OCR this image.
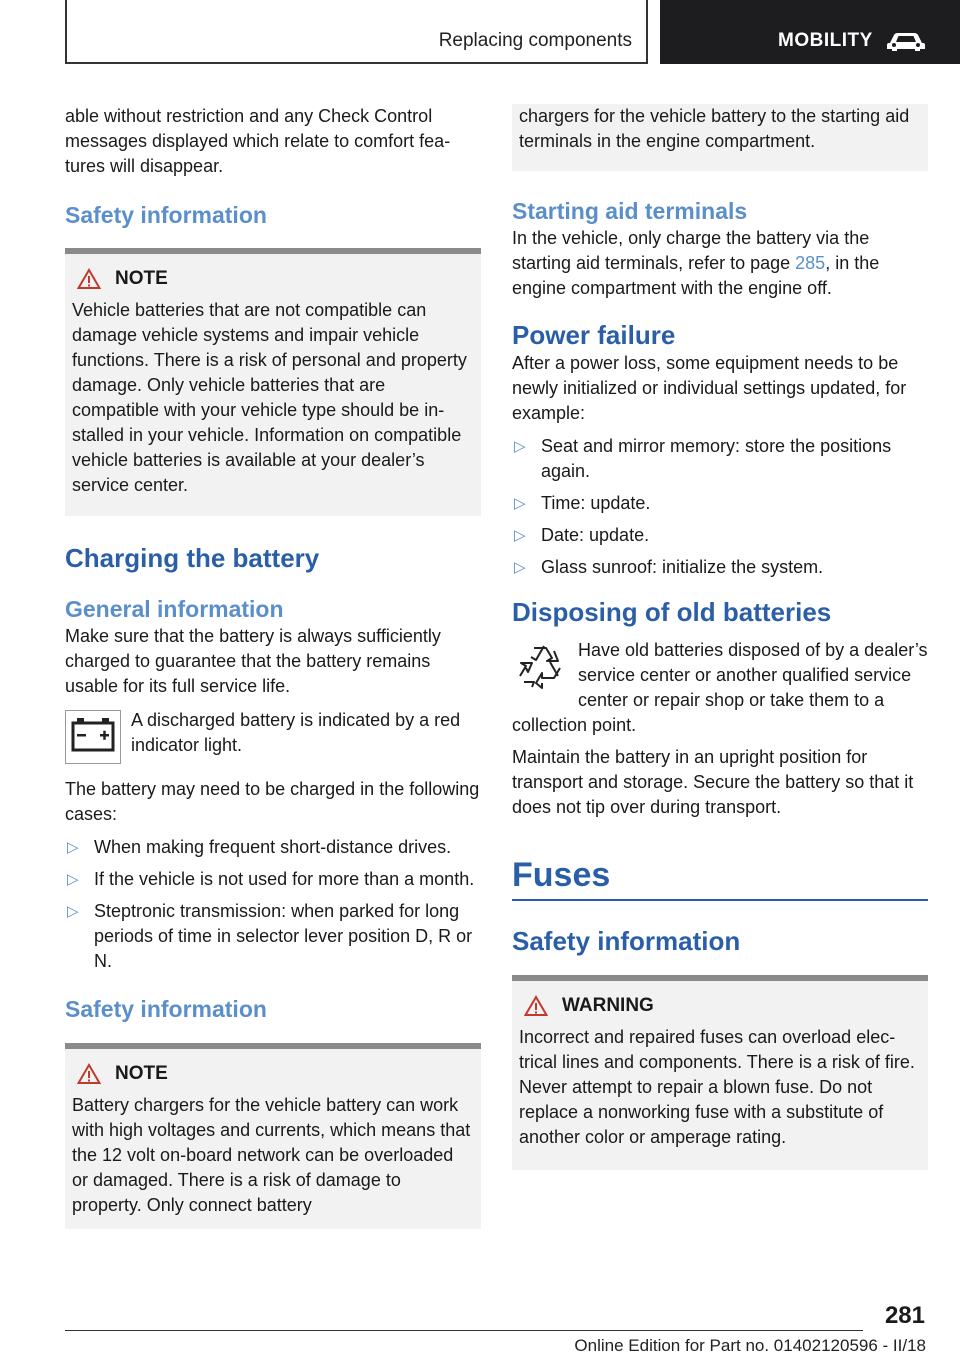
Replacing components	MOBILITY

able without restriction and any Check Control messages displayed which relate to comfort features will disappear.

Safety information
NOTE

Vehicle batteries that are not compatible can damage vehicle systems and impair vehicle functions. There is a risk of personal and property damage. Only vehicle batteries that are compatible with your vehicle type should be installed in your vehicle. Information on compatible vehicle batteries is available at your dealer’s service center.

Charging the battery
General information

Make sure that the battery is always sufficiently charged to guarantee that the battery remains usable for its full service life.

A discharged battery is indicated by a red indicator light.

The battery may need to be charged in the following cases:

▷ When making frequent short-distance drives.
▷ If the vehicle is not used for more than a month.
▷ Steptronic transmission: when parked for long periods of time in selector lever position D, R or N.
Safety information
NOTE

Battery chargers for the vehicle battery can work with high voltages and currents, which means that the 12 volt on-board network can be overloaded or damaged. There is a risk of damage to property. Only connect battery

chargers for the vehicle battery to the starting aid terminals in the engine compartment.

Starting aid terminals

In the vehicle, only charge the battery via the starting aid terminals, refer to page 285, in the engine compartment with the engine off.

Power failure

After a power loss, some equipment needs to be newly initialized or individual settings updated, for example:

▷ Seat and mirror memory: store the positions again.
▷ Time: update.
▷ Date: update.
▷ Glass sunroof: initialize the system.
Disposing of old batteries

Have old batteries disposed of by a dealer’s service center or another qualified service center or repair shop or take them to a collection point.

Maintain the battery in an upright position for transport and storage. Secure the battery so that it does not tip over during transport.

Fuses
Safety information
WARNING

Incorrect and repaired fuses can overload electrical lines and components. There is a risk of fire. Never attempt to repair a blown fuse. Do not replace a nonworking fuse with a substitute of another color or amperage rating.

281
Online Edition for Part no. 01402120596 - II/18
